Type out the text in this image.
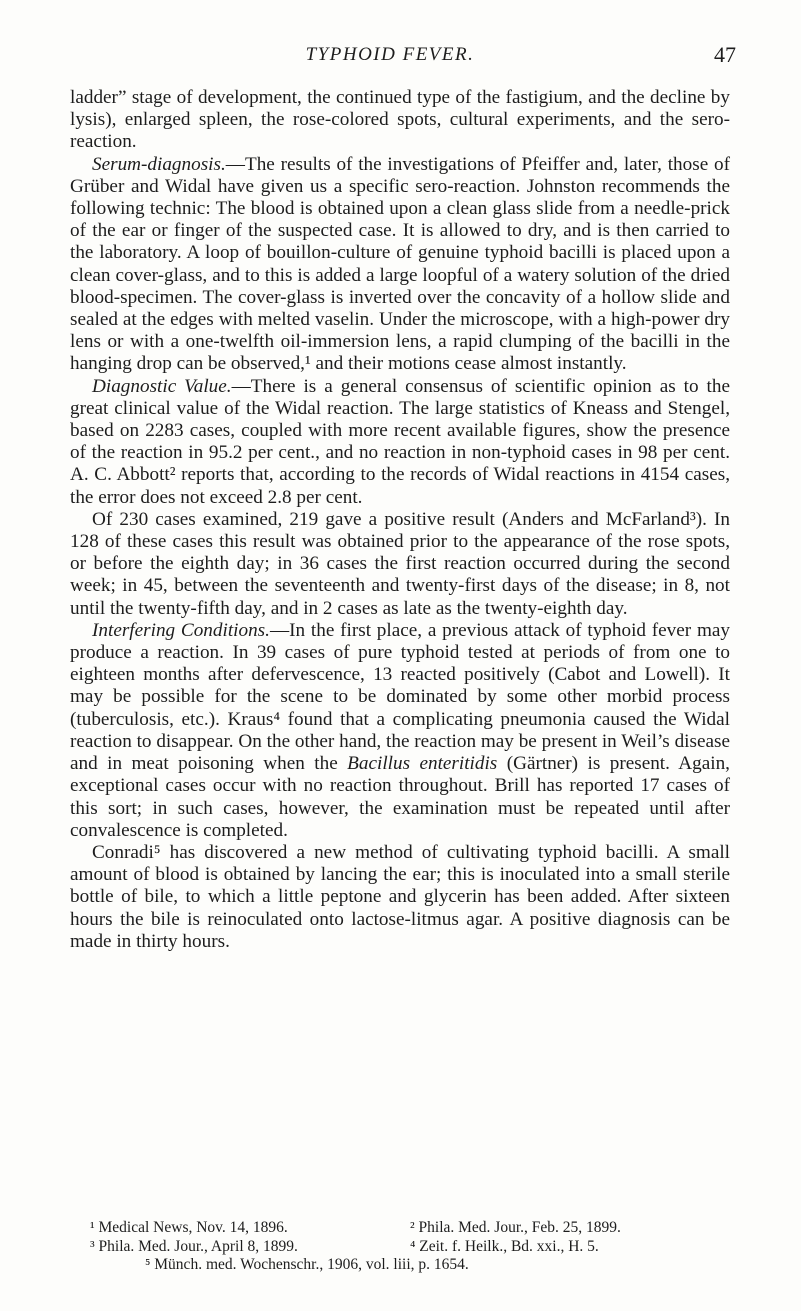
TYPHOID FEVER.	47

ladder” stage of development, the continued type of the fastigium, and the decline by lysis), enlarged spleen, the rose-colored spots, cultural experiments, and the sero-reaction.

Serum-diagnosis.—The results of the investigations of Pfeiffer and, later, those of Grüber and Widal have given us a specific sero-reaction. Johnston recommends the following technic: The blood is obtained upon a clean glass slide from a needle-prick of the ear or finger of the suspected case. It is allowed to dry, and is then carried to the laboratory. A loop of bouillon-culture of genuine typhoid bacilli is placed upon a clean cover-glass, and to this is added a large loopful of a watery solution of the dried blood-specimen. The cover-glass is inverted over the concavity of a hollow slide and sealed at the edges with melted vaselin. Under the microscope, with a high-power dry lens or with a one-twelfth oil-immersion lens, a rapid clumping of the bacilli in the hanging drop can be observed,¹ and their motions cease almost instantly.

Diagnostic Value.—There is a general consensus of scientific opinion as to the great clinical value of the Widal reaction. The large statistics of Kneass and Stengel, based on 2283 cases, coupled with more recent available figures, show the presence of the reaction in 95.2 per cent., and no reaction in non-typhoid cases in 98 per cent. A. C. Abbott² reports that, according to the records of Widal reactions in 4154 cases, the error does not exceed 2.8 per cent.

Of 230 cases examined, 219 gave a positive result (Anders and McFarland³). In 128 of these cases this result was obtained prior to the appearance of the rose spots, or before the eighth day; in 36 cases the first reaction occurred during the second week; in 45, between the seventeenth and twenty-first days of the disease; in 8, not until the twenty-fifth day, and in 2 cases as late as the twenty-eighth day.

Interfering Conditions.—In the first place, a previous attack of typhoid fever may produce a reaction. In 39 cases of pure typhoid tested at periods of from one to eighteen months after defervescence, 13 reacted positively (Cabot and Lowell). It may be possible for the scene to be dominated by some other morbid process (tuberculosis, etc.). Kraus⁴ found that a complicating pneumonia caused the Widal reaction to disappear. On the other hand, the reaction may be present in Weil’s disease and in meat poisoning when the Bacillus enteritidis (Gärtner) is present. Again, exceptional cases occur with no reaction throughout. Brill has reported 17 cases of this sort; in such cases, however, the examination must be repeated until after convalescence is completed.

Conradi⁵ has discovered a new method of cultivating typhoid bacilli. A small amount of blood is obtained by lancing the ear; this is inoculated into a small sterile bottle of bile, to which a little peptone and glycerin has been added. After sixteen hours the bile is reinoculated onto lactose-litmus agar. A positive diagnosis can be made in thirty hours.

¹ Medical News, Nov. 14, 1896.	² Phila. Med. Jour., Feb. 25, 1899.
³ Phila. Med. Jour., April 8, 1899.	⁴ Zeit. f. Heilk., Bd. xxi., H. 5.
⁵ Münch. med. Wochenschr., 1906, vol. liii, p. 1654.
